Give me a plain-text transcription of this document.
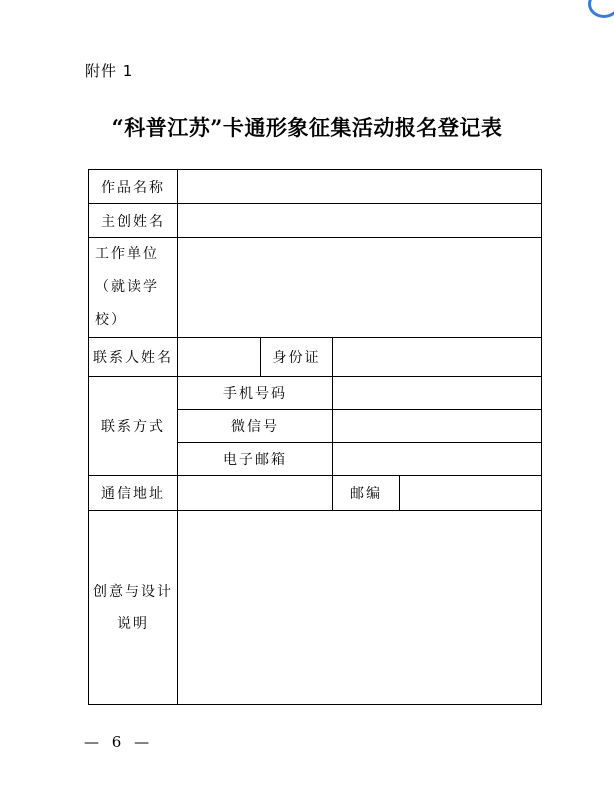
附件 1
“科普江苏”卡通形象征集活动报名登记表
作品名称				
主创姓名				

工作单位
（就读学
校）				

联系人姓名		身份证		
联系方式	手机号码			
	微信号			
	电子邮箱			
通信地址			邮编	

创意与设计
说明				

— 6 —
